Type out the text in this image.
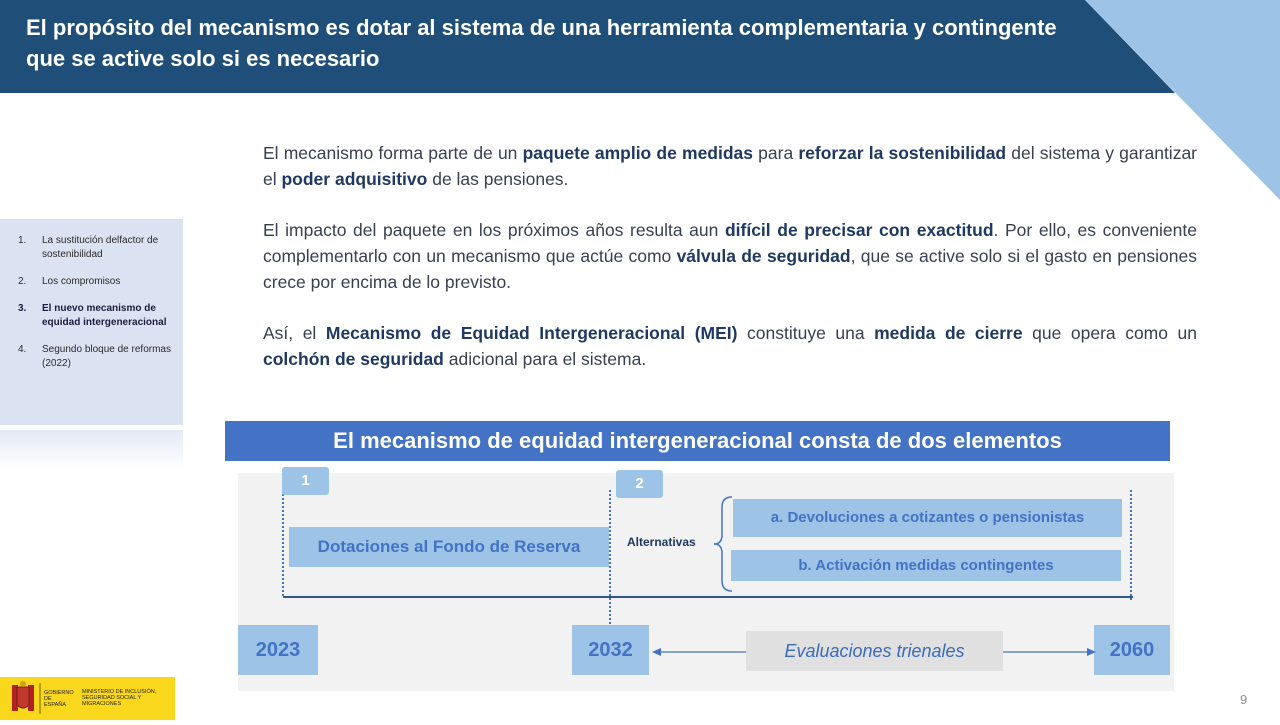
El propósito del mecanismo es dotar al sistema de una herramienta complementaria y contingente que se active solo si es necesario
1. La sustitución delfactor de sostenibilidad
2. Los compromisos
3. El nuevo mecanismo de equidad intergeneracional
4. Segundo bloque de reformas (2022)

El mecanismo forma parte de un paquete amplio de medidas para reforzar la sostenibilidad del sistema y garantizar el poder adquisitivo de las pensiones.

El impacto del paquete en los próximos años resulta aun difícil de precisar con exactitud. Por ello, es conveniente complementarlo con un mecanismo que actúe como válvula de seguridad, que se active solo si el gasto en pensiones crece por encima de lo previsto.

Así, el Mecanismo de Equidad Intergeneracional (MEI) constituye una medida de cierre que opera como un colchón de seguridad adicional para el sistema.

El mecanismo de equidad intergeneracional consta de dos elementos
1	2
Dotaciones al Fondo de Reserva	Alternativas
a. Devoluciones a cotizantes o pensionistas
b. Activación medidas contingentes
2023	2032	2060
Evaluaciones trienales
GOBIERNO DE ESPAÑA
MINISTERIO DE INCLUSIÓN, SEGURIDAD SOCIAL Y MIGRACIONES	9
